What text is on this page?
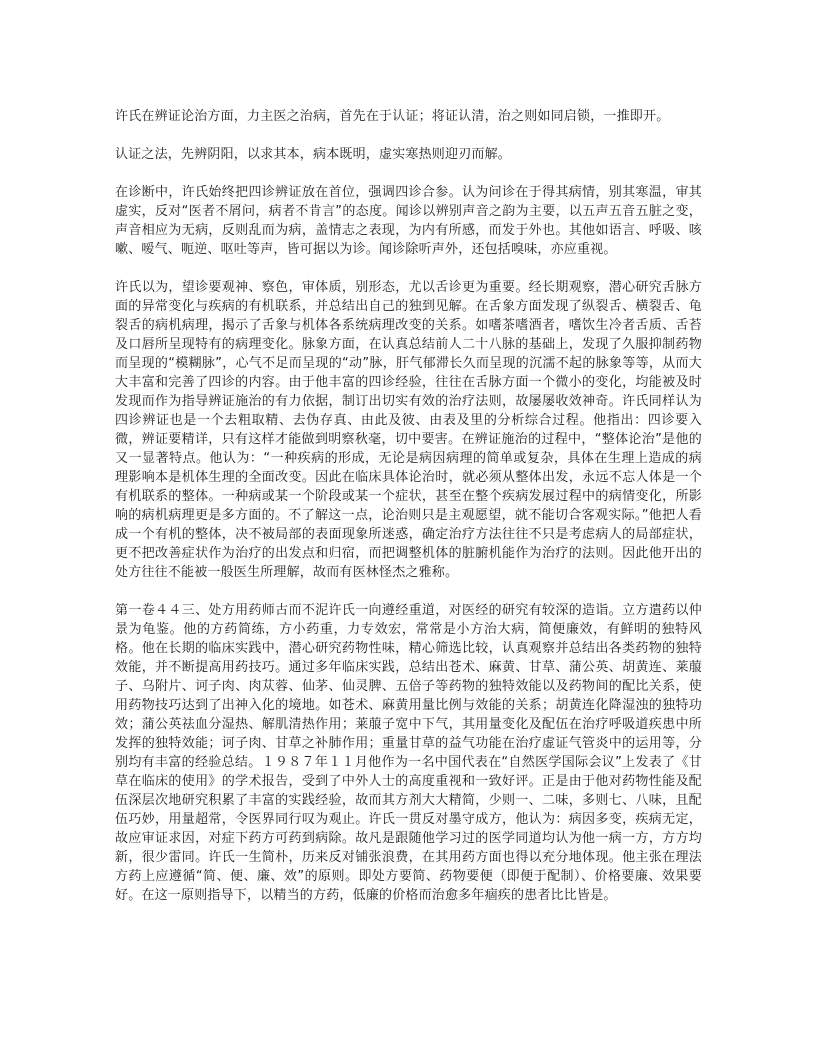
许氏在辨证论治方面，力主医之治病，首先在于认证；将证认清，治之则如同启锁，一推即开。

认证之法，先辨阴阳，以求其本，病本既明，虚实寒热则迎刃而解。

在诊断中，许氏始终把四诊辨证放在首位，强调四诊合参。认为问诊在于得其病情，别其寒温，审其虚实，反对“医者不屑问，病者不肯言”的态度。闻诊以辨别声音之韵为主要，以五声五音五脏之变，声音相应为无病，反则乱而为病，盖情志之表现，为内有所感，而发于外也。其他如语言、呼吸、咳嗽、嗳气、呃逆、呕吐等声，皆可据以为诊。闻诊除听声外，还包括嗅味，亦应重视。

许氏以为，望诊要观神、察色，审体质，别形态，尤以舌诊更为重要。经长期观察，潜心研究舌脉方面的异常变化与疾病的有机联系，并总结出自己的独到见解。在舌象方面发现了纵裂舌、横裂舌、龟裂舌的病机病理，揭示了舌象与机体各系统病理改变的关系。如嗜茶嗜酒者，嗜饮生冷者舌质、舌苔及口唇所呈现特有的病理变化。脉象方面，在认真总结前人二十八脉的基础上，发现了久服抑制药物而呈现的“模糊脉”，心气不足而呈现的“动”脉，肝气郁滞长久而呈现的沉濡不起的脉象等等，从而大大丰富和完善了四诊的内容。由于他丰富的四诊经验，往往在舌脉方面一个微小的变化，均能被及时发现而作为指导辨证施治的有力依据，制订出切实有效的治疗法则，故屡屡收效神奇。许氏同样认为四诊辨证也是一个去粗取精、去伪存真、由此及彼、由表及里的分析综合过程。他指出：四诊要入微，辨证要精详，只有这样才能做到明察秋毫，切中要害。在辨证施治的过程中，“整体论治”是他的又一显著特点。他认为：“一种疾病的形成，无论是病因病理的简单或复杂，具体在生理上造成的病理影响本是机体生理的全面改变。因此在临床具体论治时，就必须从整体出发，永远不忘人体是一个有机联系的整体。一种病或某一个阶段或某一个症状，甚至在整个疾病发展过程中的病情变化，所影响的病机病理更是多方面的。不了解这一点，论治则只是主观愿望，就不能切合客观实际。”他把人看成一个有机的整体，决不被局部的表面现象所迷惑，确定治疗方法往往不只是考虑病人的局部症状，更不把改善症状作为治疗的出发点和归宿，而把调整机体的脏腑机能作为治疗的法则。因此他开出的处方往往不能被一般医生所理解，故而有医林怪杰之雅称。

第一卷４４三、处方用药师古而不泥许氏一向遵经重道，对医经的研究有较深的造诣。立方遣药以仲景为龟鉴。他的方药简练，方小药重，力专效宏，常常是小方治大病，简便廉效，有鲜明的独特风格。他在长期的临床实践中，潜心研究药物性味，精心筛选比较，认真观察并总结出各类药物的独特效能，并不断提高用药技巧。通过多年临床实践，总结出苍术、麻黄、甘草、蒲公英、胡黄连、莱菔子、乌附片、诃子肉、肉苁蓉、仙茅、仙灵脾、五倍子等药物的独特效能以及药物间的配比关系，使用药物技巧达到了出神入化的境地。如苍术、麻黄用量比例与效能的关系；胡黄连化降湿浊的独特功效；蒲公英祛血分湿热、解肌清热作用；莱菔子宽中下气，其用量变化及配伍在治疗呼吸道疾患中所发挥的独特效能；诃子肉、甘草之补肺作用；重量甘草的益气功能在治疗虚证气管炎中的运用等，分别均有丰富的经验总结。１９８７年１１月他作为一名中国代表在“自然医学国际会议”上发表了《甘草在临床的使用》的学术报告，受到了中外人士的高度重视和一致好评。正是由于他对药物性能及配伍深层次地研究积累了丰富的实践经验，故而其方剂大大精简，少则一、二味，多则七、八味，且配伍巧妙，用量超常，令医界同行叹为观止。许氏一贯反对墨守成方，他认为：病因多变，疾病无定，故应审证求因，对症下药方可药到病除。故凡是跟随他学习过的医学同道均认为他一病一方，方方均新，很少雷同。许氏一生简朴，历来反对铺张浪费，在其用药方面也得以充分地体现。他主张在理法方药上应遵循“简、便、廉、效”的原则。即处方要简、药物要便（即便于配制）、价格要廉、效果要好。在这一原则指导下，以精当的方药，低廉的价格而治愈多年痼疾的患者比比皆是。
